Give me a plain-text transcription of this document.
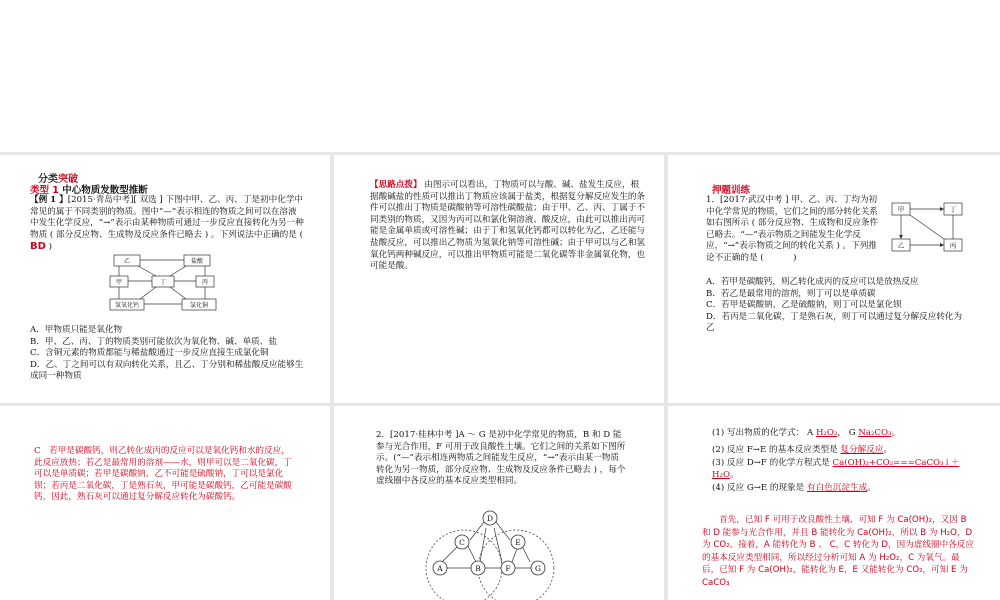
分类突破
类型 1 中心物质发散型推断

【例 1 】[2015·青岛中考][ 双选 ] 下图中甲、乙、丙、丁是初中化学中常见的属于不同类别的物质。图中“—”表示相连的物质之间可以在溶液中发生化学反应，“→”表示由某种物质可通过一步反应直接转化为另一种物质 ( 部分反应物、生成物及反应条件已略去 ) 。下列说法中正确的是 ( BD )

乙	盐酸
甲	丁	丙
氢氧化钙	氯化铜

A．甲物质只能是氧化物

B．甲、乙、丙、丁的物质类别可能依次为氧化物、碱、单质、盐

C．含铜元素的物质都能与稀盐酸通过一步反应直接生成氯化铜

D．乙、丁之间可以有双向转化关系，且乙、丁分别和稀盐酸反应能够生成同一种物质

【思路点拨】 由图示可以看出，丁物质可以与酸、碱、盐发生反应，根据酸碱盐的性质可以推出丁物质应该属于盐类，根据复分解反应发生的条件可以推出丁物质是碳酸钠等可溶性碳酸盐；由于甲、乙、丙、丁属于不同类别的物质，又因为丙可以和氯化铜溶液、酸反应，由此可以推出丙可能是金属单质或可溶性碱；由于丁和氢氧化钙都可以转化为乙，乙还能与盐酸反应，可以推出乙物质为氢氧化钠等可溶性碱；由于甲可以与乙和氢氧化钙两种碱反应，可以推出甲物质可能是二氧化碳等非金属氧化物，也可能是酸。

押题训练

1．[2017·武汉中考 ] 甲、乙、丙、丁均为初中化学常见的物质，它们之间的部分转化关系如右图所示 ( 部分反应物、生成物和反应条件已略去。“—”表示物质之间能发生化学反应，“→”表示物质之间的转化关系 ) 。下列推论不正确的是 (	)

甲	丁
乙	丙

A．若甲是碳酸钙，则乙转化成丙的反应可以是放热反应

B．若乙是最常用的溶剂，则丁可以是单质碳

C．若甲是碳酸钠，乙是硫酸钠，则丁可以是氯化钡

D．若丙是二氧化碳，丁是熟石灰，则丁可以通过复分解反应转化为乙

C　若甲是碳酸钙，则乙转化成丙的反应可以是氧化钙和水的反应，此反应放热；若乙是最常用的溶剂——水，则甲可以是二氧化碳，丁可以是单质碳；若甲是碳酸钠，乙不可能是硫酸钠，丁可以是氯化钡；若丙是二氧化碳，丁是熟石灰，甲可能是碳酸钙，乙可能是碳酸钙，因此，熟石灰可以通过复分解反应转化为碳酸钙。

2．[2017·桂林中考 ]A ～ G 是初中化学常见的物质，B 和 D 能参与光合作用，F 可用于改良酸性土壤。它们之间的关系如下图所示。(“—”表示相连两物质之间能发生反应，“→”表示由某一物质转化为另一物质，部分反应物、生成物及反应条件已略去 ) ，每个虚线圈中各反应的基本反应类型相同。

A	B
C
D
E
F	G

(1) 写出物质的化学式： A H₂O₂， G Na₂CO₃。

(2) 反应 F→E 的基本反应类型是 复分解反应。

(3) 反应 D→F 的化学方程式是 Ca(OH)₂+CO₂===CaCO₃↓＋H₂O。

(4) 反应 G→E 的现象是 有白色沉淀生成。

首先，已知 F 可用于改良酸性土壤，可知 F 为 Ca(OH)₂，又因 B 和 D 能参与光合作用，并且 B 能转化为 Ca(OH)₂，所以 B 为 H₂O，D 为 CO₂。接着，A 能转化为 B 、 C，C 转化为 D，因为虚线圈中各反应的基本反应类型相同，所以经过分析可知 A 为 H₂O₂，C 为氧气。最后，已知 F 为 Ca(OH)₂，能转化为 E，E 又能转化为 CO₂，可知 E 为 CaCO₃
